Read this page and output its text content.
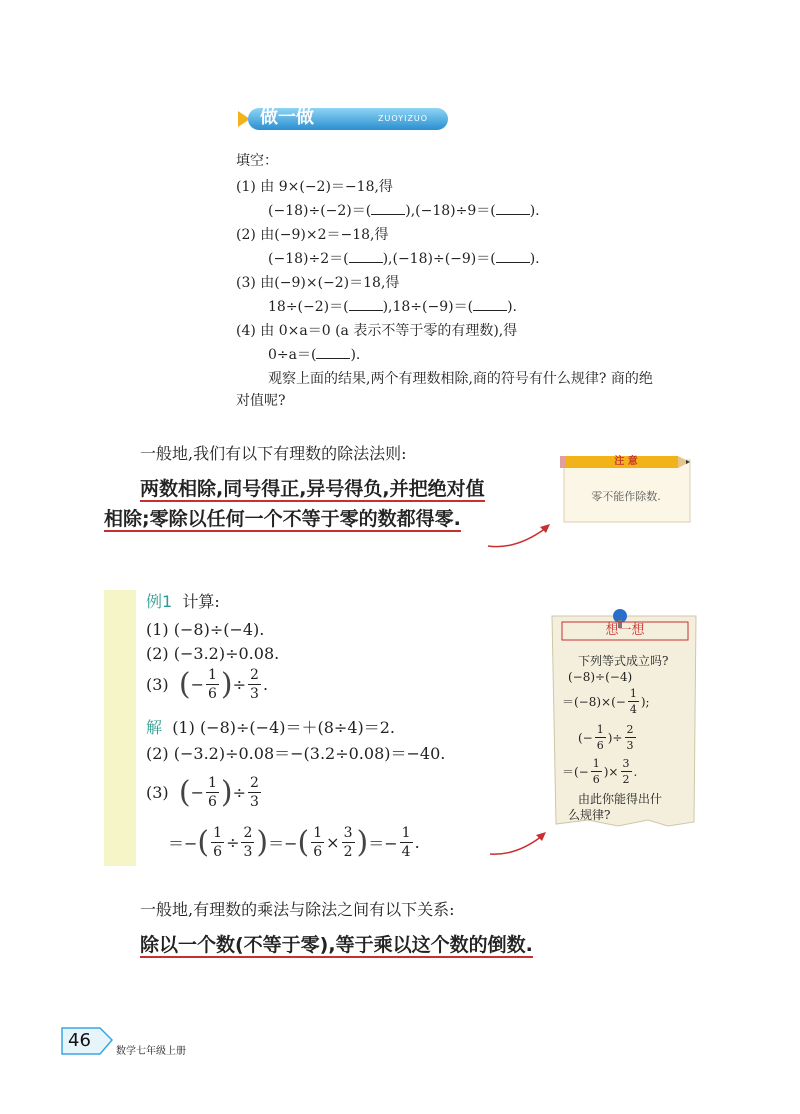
做一做	ZUOYIZUO
填空：
(1) 由 9×(−2)＝−18,得
(−18)÷(−2)＝( ),(−18)÷9＝( ).
(2) 由(−9)×2＝−18,得
(−18)÷2＝( ),(−18)÷(−9)＝( ).
(3) 由(−9)×(−2)＝18,得
18÷(−2)＝( ),18÷(−9)＝( ).
(4) 由 0×a＝0 (a 表示不等于零的有理数),得
0÷a＝( ).
观察上面的结果,两个有理数相除,商的符号有什么规律? 商的绝
对值呢?
一般地,我们有以下有理数的除法法则:
两数相除,同号得正,异号得负,并把绝对值
相除;零除以任何一个不等于零的数都得零.
注 意
零不能作除数.
例1 计算:
(1) (−8)÷(−4).
(2) (−3.2)÷0.08.
(3)
( − $\frac{1}{6}$ ) ÷ $\frac{2}{3}$ .
解 (1) (−8)÷(−4)＝＋(8÷4)＝2.
(2) (−3.2)÷0.08＝−(3.2÷0.08)＝−40.
(3)
( − $\frac{1}{6}$ ) ÷ $\frac{2}{3}$
＝− ( $\frac{1}{6} \div \frac{2}{3}$ ) ＝− ( $\frac{1}{6} \times \frac{3}{2}$ ) ＝− $\frac{1}{4}$ .
想一想
下列等式成立吗?
(−8)÷(−4)
$=(-8)\times(- \frac{1}{4}$ );
(− $\frac{1}{6}$ )÷ $\frac{2}{3}$
＝(− $\frac{1}{6}$ )× $\frac{3}{2}$ .
由此你能得出什
么规律?
一般地,有理数的乘法与除法之间有以下关系:
除以一个数(不等于零),等于乘以这个数的倒数.
46
数学七年级上册
